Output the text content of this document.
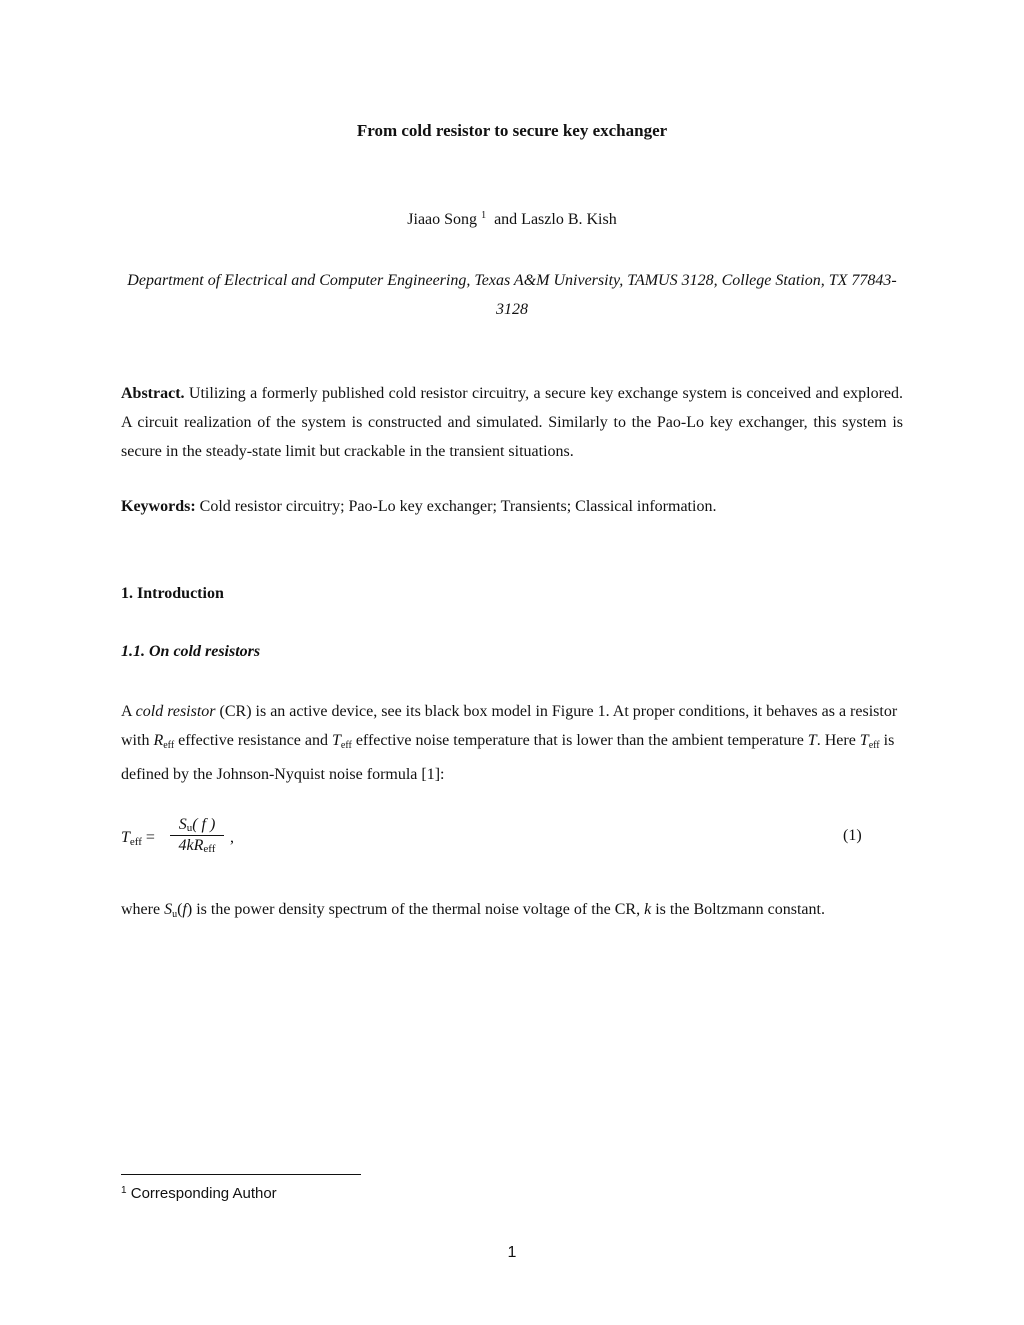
From cold resistor to secure key exchanger
Jiaao Song $^1$ and Laszlo B. Kish
Department of Electrical and Computer Engineering, Texas A&M University, TAMUS 3128, College Station, TX 77843-3128
Abstract. Utilizing a formerly published cold resistor circuitry, a secure key exchange system is conceived and explored. A circuit realization of the system is constructed and simulated. Similarly to the Pao-Lo key exchanger, this system is secure in the steady-state limit but crackable in the transient situations.
Keywords: Cold resistor circuitry; Pao-Lo key exchanger; Transients; Classical information.
1. Introduction
1.1. On cold resistors
A cold resistor (CR) is an active device, see its black box model in Figure 1. At proper conditions, it behaves as a resistor with $R_{eff}$ effective resistance and $T_{eff}$ effective noise temperature that is lower than the ambient temperature T. Here $T_{eff}$ is defined by the Johnson-Nyquist noise formula [1]:
$T_{eff}$ =
$S_u$( f )
$4kR_{eff}$
,	(1)
where $S_u(f)$ is the power density spectrum of the thermal noise voltage of the CR, k is the Boltzmann constant.
$^1$ Corresponding Author
1
